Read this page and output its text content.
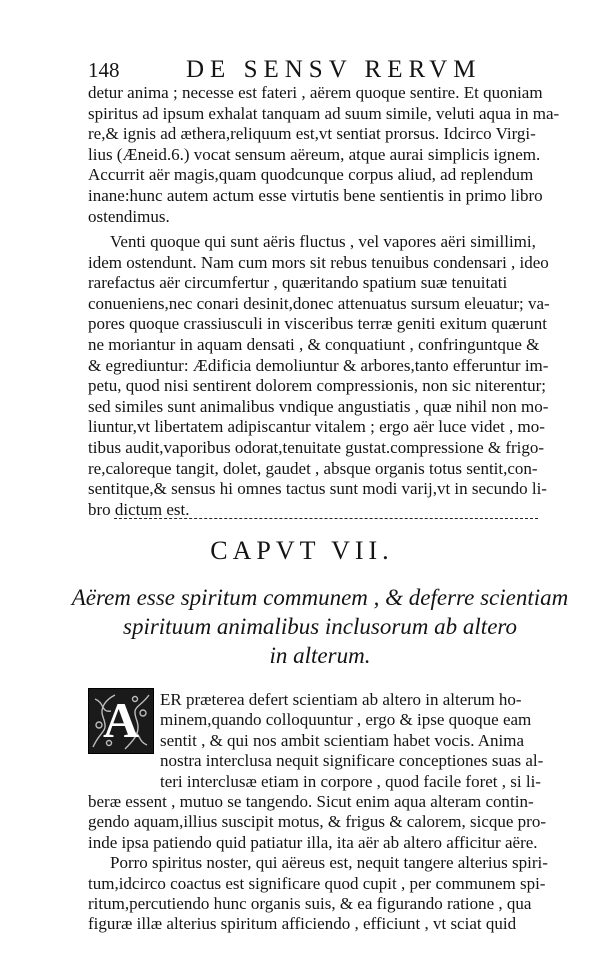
148	DE SENSV RERVM
detur anima ; necesse est fateri , aërem quoque sentire. Et quoniam
spiritus ad ipsum exhalat tanquam ad suum simile, veluti aqua in ma-
re,& ignis ad æthera,reliquum est,vt sentiat prorsus. Idcirco Virgi-
lius (Æneid.6.) vocat sensum aëreum, atque aurai simplicis ignem.
Accurrit aër magis,quam quodcunque corpus aliud, ad replendum
inane:hunc autem actum esse virtutis bene sentientis in primo libro
ostendimus.
Venti quoque qui sunt aëris fluctus , vel vapores aëri simillimi,
idem ostendunt. Nam cum mors sit rebus tenuibus condensari , ideo
rarefactus aër circumfertur , quæritando spatium suæ tenuitati
conueniens,nec conari desinit,donec attenuatus sursum eleuatur; va-
pores quoque crassiusculi in visceribus terræ geniti exitum quærunt
ne moriantur in aquam densati , & conquatiunt , confringuntque &
& egrediuntur: Ædificia demoliuntur & arbores,tanto efferuntur im-
petu, quod nisi sentirent dolorem compressionis, non sic niterentur;
sed similes sunt animalibus vndique angustiatis , quæ nihil non mo-
liuntur,vt libertatem adipiscantur vitalem ; ergo aër luce videt , mo-
tibus audit,vaporibus odorat,tenuitate gustat.compressione & frigo-
re,caloreque tangit, dolet, gaudet , absque organis totus sentit,con-
sentitque,& sensus hi omnes tactus sunt modi varij,vt in secundo li-
bro dictum est.
CAPVT VII.
Aërem esse spiritum communem , & deferre scientiam
spirituum animalibus inclusorum ab altero
in alterum.
A	ER præterea defert scientiam ab altero in alterum ho-
minem,quando colloquuntur , ergo & ipse quoque eam
sentit , & qui nos ambit scientiam habet vocis. Anima
nostra interclusa nequit significare conceptiones suas al-
teri interclusæ etiam in corpore , quod facile foret , si li-
beræ essent , mutuo se tangendo. Sicut enim aqua alteram contin-
gendo aquam,illius suscipit motus, & frigus & calorem, sicque pro-
inde ipsa patiendo quid patiatur illa, ita aër ab altero afficitur aëre.
Porro spiritus noster, qui aëreus est, nequit tangere alterius spiri-
tum,idcirco coactus est significare quod cupit , per communem spi-
ritum,percutiendo hunc organis suis, & ea figurando ratione , qua
figuræ illæ alterius spiritum afficiendo , efficiunt , vt sciat quid
